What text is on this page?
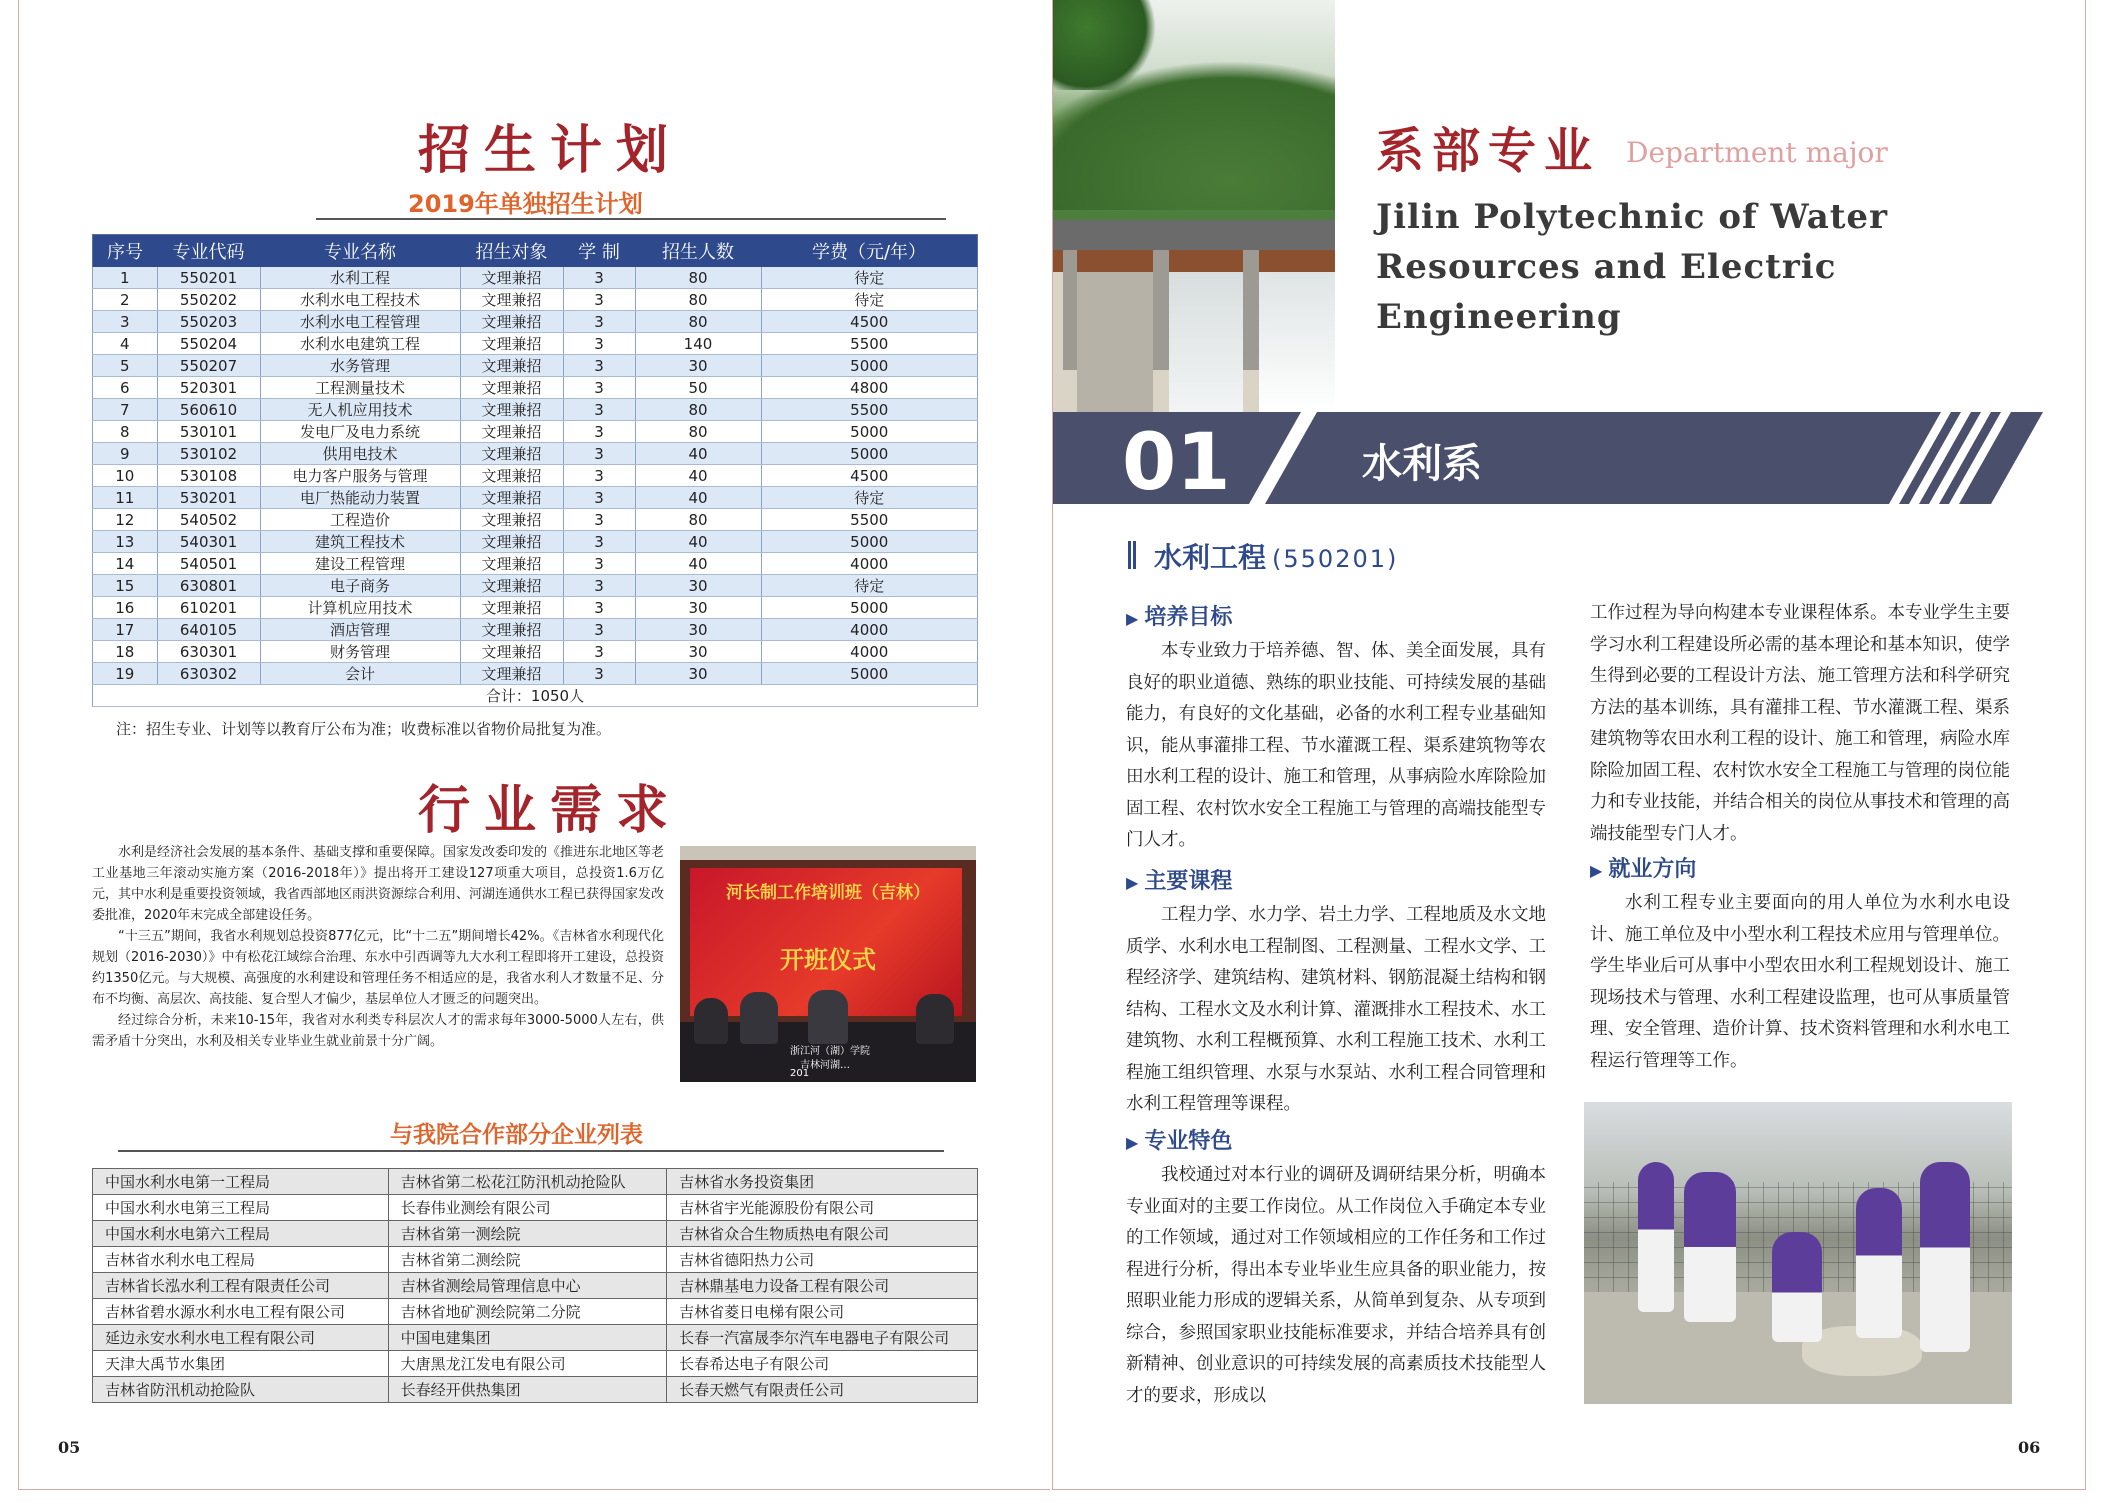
招生计划
2019年单独招生计划
序号	专业代码	专业名称	招生对象	学 制	招生人数	学费（元/年）
1	550201	水利工程	文理兼招	3	80	待定
2	550202	水利水电工程技术	文理兼招	3	80	待定
3	550203	水利水电工程管理	文理兼招	3	80	4500
4	550204	水利水电建筑工程	文理兼招	3	140	5500
5	550207	水务管理	文理兼招	3	30	5000
6	520301	工程测量技术	文理兼招	3	50	4800
7	560610	无人机应用技术	文理兼招	3	80	5500
8	530101	发电厂及电力系统	文理兼招	3	80	5000
9	530102	供用电技术	文理兼招	3	40	5000
10	530108	电力客户服务与管理	文理兼招	3	40	4500
11	530201	电厂热能动力装置	文理兼招	3	40	待定
12	540502	工程造价	文理兼招	3	80	5500
13	540301	建筑工程技术	文理兼招	3	40	5000
14	540501	建设工程管理	文理兼招	3	40	4000
15	630801	电子商务	文理兼招	3	30	待定
16	610201	计算机应用技术	文理兼招	3	30	5000
17	640105	酒店管理	文理兼招	3	30	4000
18	630301	财务管理	文理兼招	3	30	4000
19	630302	会计	文理兼招	3	30	5000
合计：1050人						
注：招生专业、计划等以教育厅公布为准；收费标准以省物价局批复为准。
行业需求

水利是经济社会发展的基本条件、基础支撑和重要保障。国家发改委印发的《推进东北地区等老工业基地三年滚动实施方案（2016-2018年）》提出将开工建设127项重大项目，总投资1.6万亿元，其中水利是重要投资领域，我省西部地区雨洪资源综合利用、河湖连通供水工程已获得国家发改委批准，2020年末完成全部建设任务。

“十三五”期间，我省水利规划总投资877亿元，比“十二五”期间增长42%。《吉林省水利现代化规划（2016-2030）》中有松花江域综合治理、东水中引西调等九大水利工程即将开工建设，总投资约1350亿元。与大规模、高强度的水利建设和管理任务不相适应的是，我省水利人才数量不足、分布不均衡、高层次、高技能、复合型人才偏少，基层单位人才匮乏的问题突出。

经过综合分析，未来10-15年，我省对水利类专科层次人才的需求每年3000-5000人左右，供需矛盾十分突出，水利及相关专业毕业生就业前景十分广阔。

河长制工作培训班（吉林）
开班仪式
浙江河（湖）学院
吉林河湖…
201
与我院合作部分企业列表
中国水利水电第一工程局	吉林省第二松花江防汛机动抢险队	吉林省水务投资集团
中国水利水电第三工程局	长春伟业测绘有限公司	吉林省宇光能源股份有限公司
中国水利水电第六工程局	吉林省第一测绘院	吉林省众合生物质热电有限公司
吉林省水利水电工程局	吉林省第二测绘院	吉林省德阳热力公司
吉林省长泓水利工程有限责任公司	吉林省测绘局管理信息中心	吉林鼎基电力设备工程有限公司
吉林省碧水源水利水电工程有限公司	吉林省地矿测绘院第二分院	吉林省菱日电梯有限公司
延边永安水利水电工程有限公司	中国电建集团	长春一汽富晟李尔汽车电器电子有限公司
天津大禹节水集团	大唐黑龙江发电有限公司	长春希达电子有限公司
吉林省防汛机动抢险队	长春经开供热集团	长春天燃气有限责任公司
05
系部专业 Department major
Jilin Polytechnic of Water Resources and Electric Engineering
01	水利系
水利工程 (550201)
▶ 培养目标

本专业致力于培养德、智、体、美全面发展，具有良好的职业道德、熟练的职业技能、可持续发展的基础能力，有良好的文化基础，必备的水利工程专业基础知识，能从事灌排工程、节水灌溉工程、渠系建筑物等农田水利工程的设计、施工和管理，从事病险水库除险加固工程、农村饮水安全工程施工与管理的高端技能型专门人才。

▶ 主要课程

工程力学、水力学、岩土力学、工程地质及水文地质学、水利水电工程制图、工程测量、工程水文学、工程经济学、建筑结构、建筑材料、钢筋混凝土结构和钢结构、工程水文及水利计算、灌溉排水工程技术、水工建筑物、水利工程概预算、水利工程施工技术、水利工程施工组织管理、水泵与水泵站、水利工程合同管理和水利工程管理等课程。

▶ 专业特色

我校通过对本行业的调研及调研结果分析，明确本专业面对的主要工作岗位。从工作岗位入手确定本专业的工作领域，通过对工作领域相应的工作任务和工作过程进行分析，得出本专业毕业生应具备的职业能力，按照职业能力形成的逻辑关系，从简单到复杂、从专项到综合，参照国家职业技能标准要求，并结合培养具有创新精神、创业意识的可持续发展的高素质技术技能型人才的要求，形成以

工作过程为导向构建本专业课程体系。本专业学生主要学习水利工程建设所必需的基本理论和基本知识，使学生得到必要的工程设计方法、施工管理方法和科学研究方法的基本训练，具有灌排工程、节水灌溉工程、渠系建筑物等农田水利工程的设计、施工和管理，病险水库除险加固工程、农村饮水安全工程施工与管理的岗位能力和专业技能，并结合相关的岗位从事技术和管理的高端技能型专门人才。

▶ 就业方向

水利工程专业主要面向的用人单位为水利水电设计、施工单位及中小型水利工程技术应用与管理单位。学生毕业后可从事中小型农田水利工程规划设计、施工现场技术与管理、水利工程建设监理，也可从事质量管理、安全管理、造价计算、技术资料管理和水利水电工程运行管理等工作。

06
